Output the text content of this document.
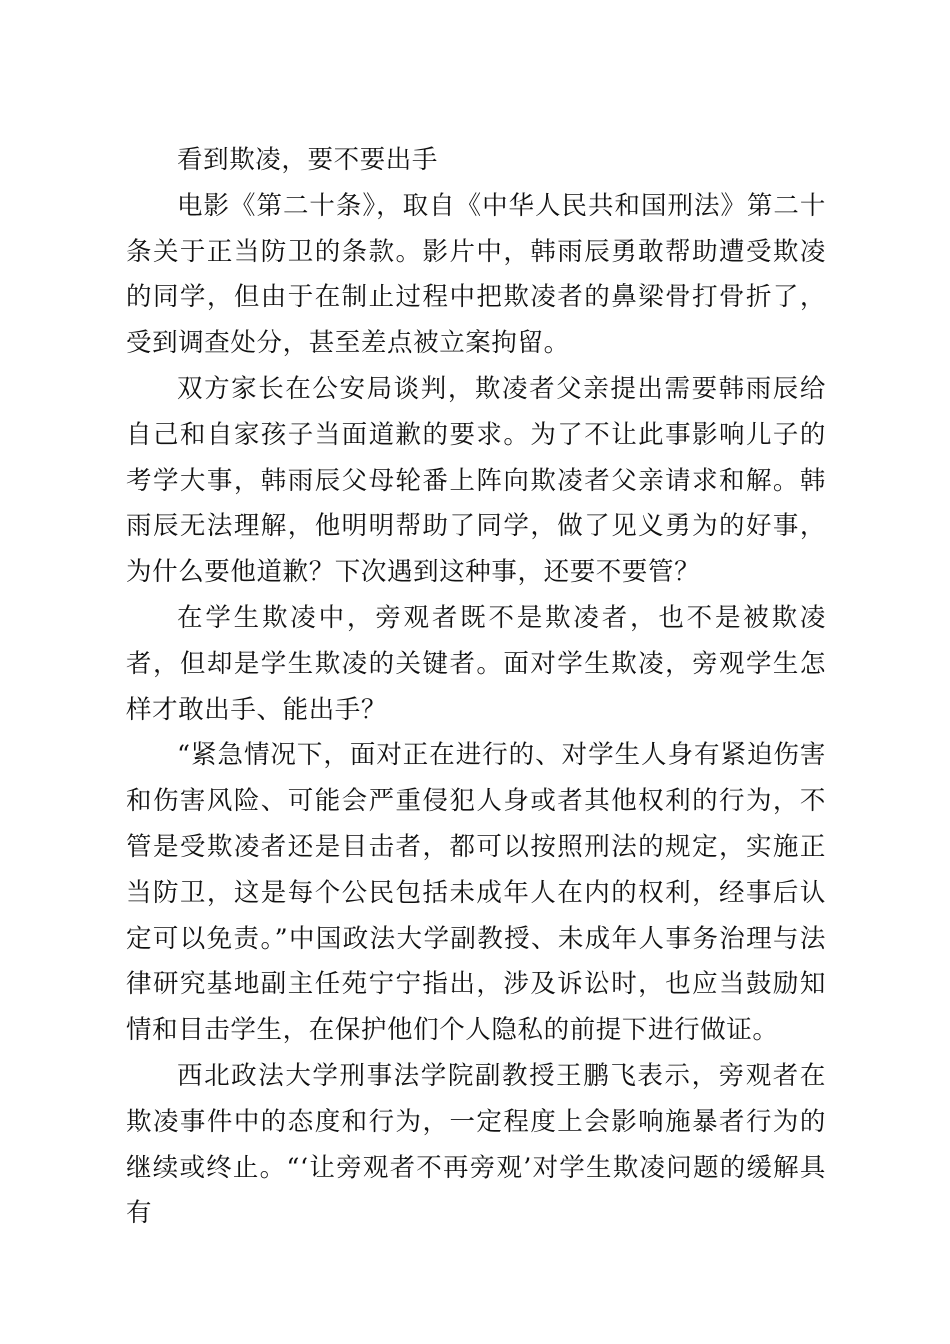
看到欺凌，要不要出手

电影《第二十条》，取自《中华人民共和国刑法》第二十条关于正当防卫的条款。影片中，韩雨辰勇敢帮助遭受欺凌的同学，但由于在制止过程中把欺凌者的鼻梁骨打骨折了，受到调查处分，甚至差点被立案拘留。

双方家长在公安局谈判，欺凌者父亲提出需要韩雨辰给自己和自家孩子当面道歉的要求。为了不让此事影响儿子的考学大事，韩雨辰父母轮番上阵向欺凌者父亲请求和解。韩雨辰无法理解，他明明帮助了同学，做了见义勇为的好事，为什么要他道歉？下次遇到这种事，还要不要管？

在学生欺凌中，旁观者既不是欺凌者，也不是被欺凌者，但却是学生欺凌的关键者。面对学生欺凌，旁观学生怎样才敢出手、能出手？

“紧急情况下，面对正在进行的、对学生人身有紧迫伤害和伤害风险、可能会严重侵犯人身或者其他权利的行为，不管是受欺凌者还是目击者，都可以按照刑法的规定，实施正当防卫，这是每个公民包括未成年人在内的权利，经事后认定可以免责。”中国政法大学副教授、未成年人事务治理与法律研究基地副主任苑宁宁指出，涉及诉讼时，也应当鼓励知情和目击学生，在保护他们个人隐私的前提下进行做证。

西北政法大学刑事法学院副教授王鹏飞表示，旁观者在欺凌事件中的态度和行为，一定程度上会影响施暴者行为的继续或终止。“‘让旁观者不再旁观’对学生欺凌问题的缓解具有
